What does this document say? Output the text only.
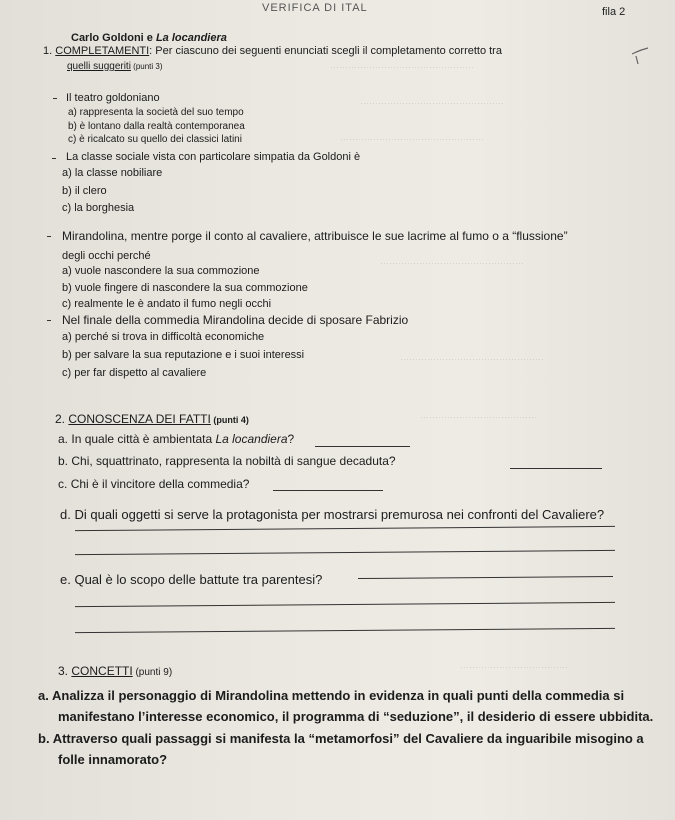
…………………………………………
…………………………………………
…………………………………………
…………………………………………
…………………………………………
…………………………………
………………………………
VERIFICA DI ITAL	fila 2
Carlo Goldoni e La locandiera
1. COMPLETAMENTI: Per ciascuno dei seguenti enunciati scegli il completamento corretto tra
quelli suggeriti (punti 3)
Il teatro goldoniano
a) rappresenta la società del suo tempo
b) è lontano dalla realtà contemporanea
c) è ricalcato su quello dei classici latini
La classe sociale vista con particolare simpatia da Goldoni è
a) la classe nobiliare
b) il clero
c) la borghesia
Mirandolina, mentre porge il conto al cavaliere, attribuisce le sue lacrime al fumo o a “flussione”
degli occhi perché
a) vuole nascondere la sua commozione
b) vuole fingere di nascondere la sua commozione
c) realmente le è andato il fumo negli occhi
Nel finale della commedia Mirandolina decide di sposare Fabrizio
a) perché si trova in difficoltà economiche
b) per salvare la sua reputazione e i suoi interessi
c) per far dispetto al cavaliere
2. CONOSCENZA DEI FATTI (punti 4)
a. In quale città è ambientata La locandiera?
b. Chi, squattrinato, rappresenta la nobiltà di sangue decaduta?
c. Chi è il vincitore della commedia?
d. Di quali oggetti si serve la protagonista per mostrarsi premurosa nei confronti del Cavaliere?
e. Qual è lo scopo delle battute tra parentesi?
3. CONCETTI (punti 9)
a. Analizza il personaggio di Mirandolina mettendo in evidenza in quali punti della commedia si
manifestano l’interesse economico, il programma di “seduzione”, il desiderio di essere ubbidita.
b. Attraverso quali passaggi si manifesta la “metamorfosi” del Cavaliere da inguaribile misogino a
folle innamorato?
